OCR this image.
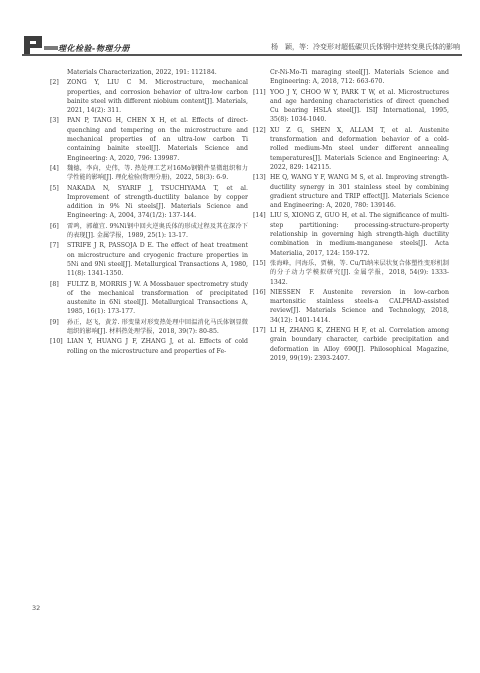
理化检验-物理分册	杨　颖，等：冷变形对超低碳贝氏体钢中逆转变奥氏体的影响
Materials Characterization, 2022, 191: 112184.
[2] ZONG Y, LIU C M. Microstructure, mechanical properties, and corrosion behavior of ultra-low carbon bainite steel with different niobium content[J]. Materials, 2021, 14(2): 311.
[3] PAN P, TANG H, CHEN X H, et al. Effects of direct-quenching and tempering on the microstructure and mechanical properties of an ultra-low carbon Ti containing bainite steel[J]. Materials Science and Engineering: A, 2020, 796: 139987.
[4] 魏德，李向，史伟，等. 热处理工艺对16Mo钢锻件显微组织和力学性能的影响[J]. 理化检验(物理分册)，2022, 58(3): 6-9.
[5] NAKADA N, SYARIF J, TSUCHIYAMA T, et al. Improvement of strength-ductility balance by copper addition in 9% Ni steels[J]. Materials Science and Engineering: A, 2004, 374(1/2): 137-144.
[6] 雷鸣，郭蕴宜. 9%Ni钢中回火逆奥氏体的形成过程及其在深冷下的表现[J]. 金属学报，1989, 25(1): 13-17.
[7] STRIFE J R, PASSOJA D E. The effect of heat treatment on microstructure and cryogenic fracture properties in 5Ni and 9Ni steel[J]. Metallurgical Transactions A, 1980, 11(8): 1341-1350.
[8] FULTZ B, MORRIS J W. A Mossbauer spectrometry study of the mechanical transformation of precipitated austenite in 6Ni steel[J]. Metallurgical Transactions A, 1985, 16(1): 173-177.
[9] 孙正，赵飞，黄芳. 形变量对形变热处理中回温消化马氏体钢显微组织的影响[J]. 材料热处理学报，2018, 39(7): 80-85.
[10] LIAN Y, HUANG J F, ZHANG J, et al. Effects of cold rolling on the microstructure and properties of Fe-
Cr-Ni-Mo-Ti maraging steel[J]. Materials Science and Engineering: A, 2018, 712: 663-670.
[11] YOO J Y, CHOO W Y, PARK T W, et al. Microstructures and age hardening characteristics of direct quenched Cu bearing HSLA steel[J]. ISIJ International, 1995, 35(8): 1034-1040.
[12] XU Z G, SHEN X, ALLAM T, et al. Austenite transformation and deformation behavior of a cold-rolled medium-Mn steel under different annealing temperatures[J]. Materials Science and Engineering: A, 2022, 829: 142115.
[13] HE Q, WANG Y F, WANG M S, et al. Improving strength-ductility synergy in 301 stainless steel by combining gradient structure and TRIP effect[J]. Materials Science and Engineering: A, 2020, 780: 139146.
[14] LIU S, XIONG Z, GUO H, et al. The significance of multi-step partitioning: processing-structure-property relationship in governing high strength-high ductility combination in medium-manganese steels[J]. Acta Materialia, 2017, 124: 159-172.
[15] 张海峰，闫海乐，贾楠，等. Cu/Ti纳米层状复合体塑性变形机制的分子动力学模拟研究[J]. 金属学报，2018, 54(9): 1333-1342.
[16] NIESSEN F. Austenite reversion in low-carbon martensitic stainless steels-a CALPHAD-assisted review[J]. Materials Science and Technology, 2018, 34(12): 1401-1414.
[17] LI H, ZHANG K, ZHENG H F, et al. Correlation among grain boundary character, carbide precipitation and deformation in Alloy 690[J]. Philosophical Magazine, 2019, 99(19): 2393-2407.
32
